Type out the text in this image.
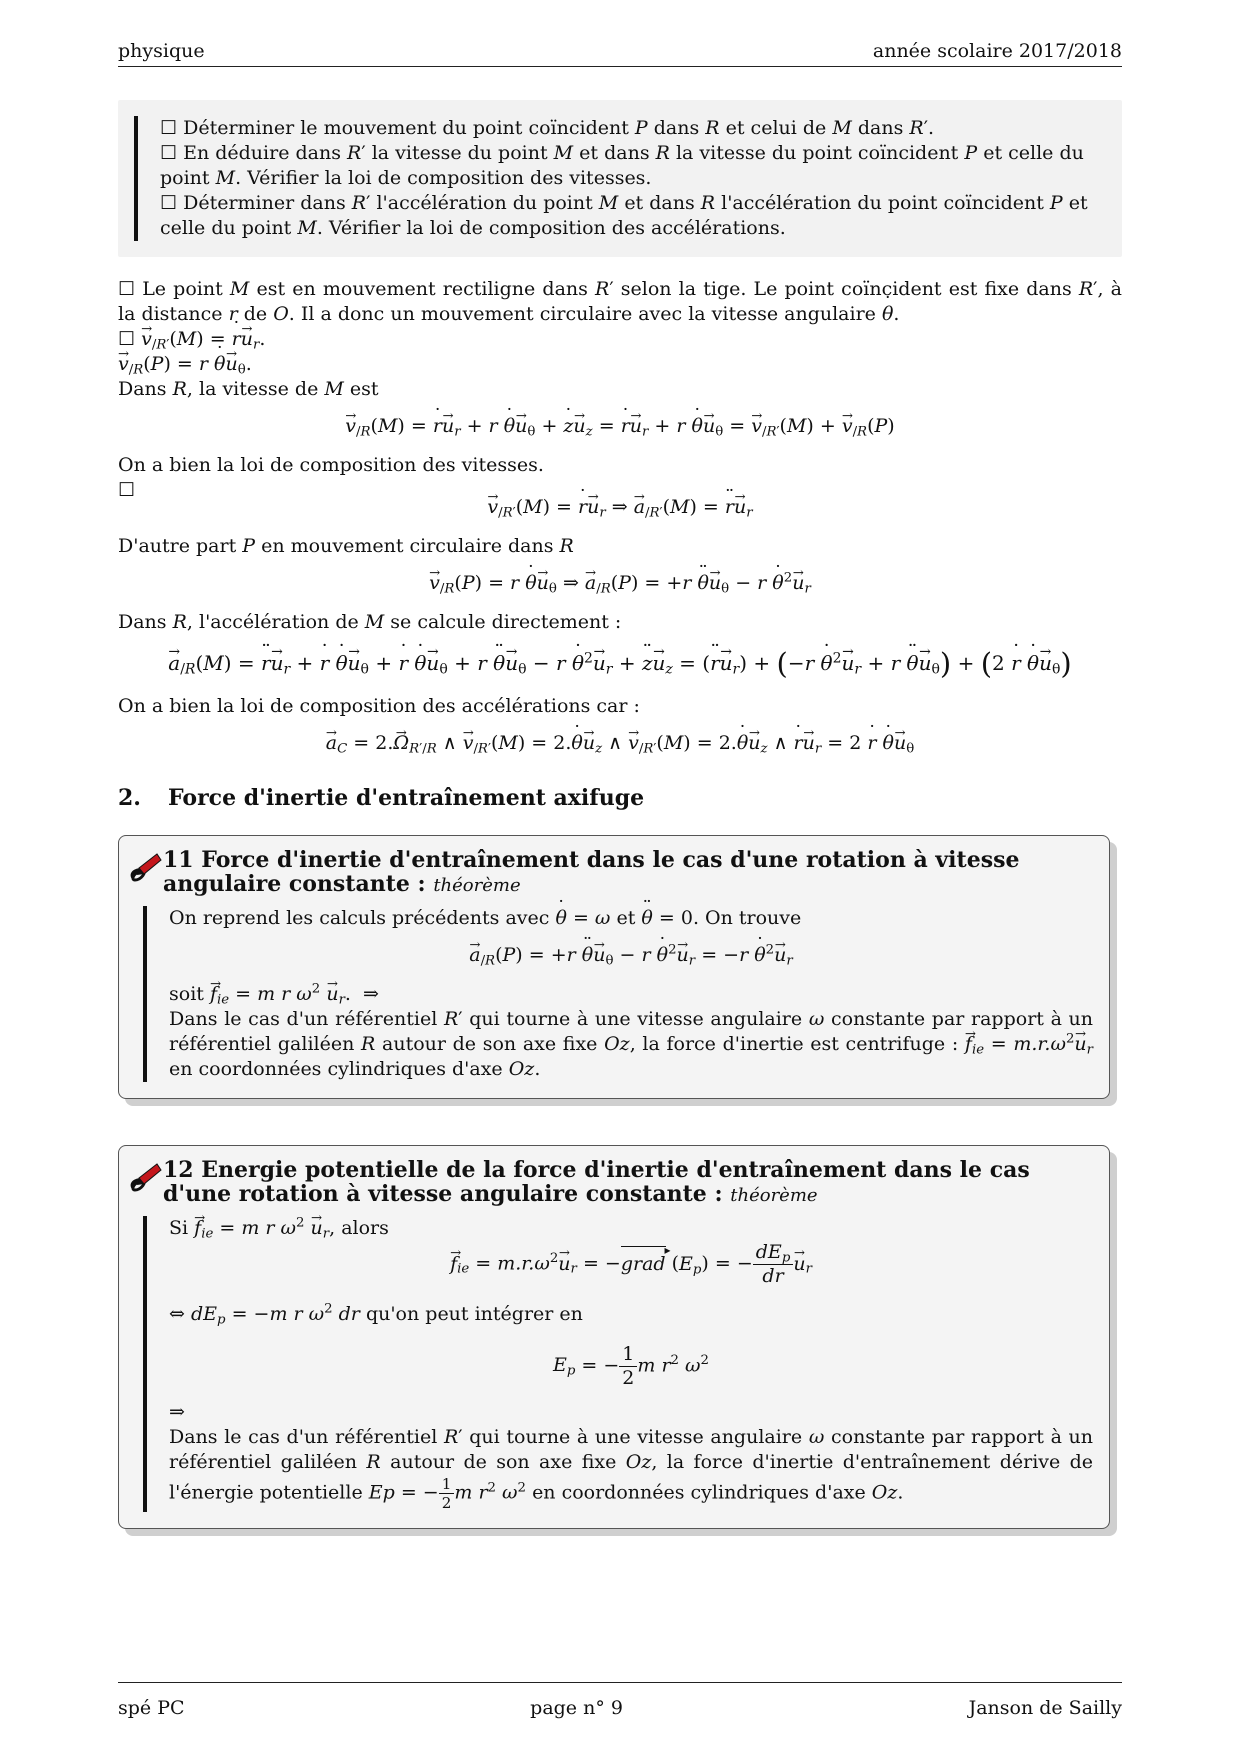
physique	année scolaire 2017/2018
☐ Déterminer le mouvement du point coïncident P dans R et celui de M dans R′.
☐ En déduire dans R′ la vitesse du point M et dans R la vitesse du point coïncident P et celle du point M. Vérifier la loi de composition des vitesses.
☐ Déterminer dans R′ l'accélération du point M et dans R l'accélération du point coïncident P et celle du point M. Vérifier la loi de composition des accélérations.
☐ Le point M est en mouvement rectiligne dans R′ selon la tige. Le point coïncident est fixe dans R′, à la distance r de O. Il a donc un mouvement circulaire avec la vitesse angulaire ˙ θ.
☐ → $v_{/R'}(M)$ = ˙ $r\to u_r$.
→ $v_{/R}(P) = r$ ˙ $\theta\to u_\theta$.
Dans R, la vitesse de M est
→ $v_{/R}(M)$ = ˙ $r\to u_r + r$ ˙ $\theta\to u_\theta$ + ˙ $z\to u_z$ = ˙ $r\to u_r + r$ ˙ $\theta\to u_\theta$ = → $v_{/R'}(M)$ + → $v_{/R}(P)$
On a bien la loi de composition des vitesses.
☐
→ $v_{/R'}(M)$ = ˙ $r\to u_r$ ⇒ → $a_{/R'}(M)$ = ¨ $r\to u_r$
D'autre part P en mouvement circulaire dans R
→ $v_{/R}(P) = r$ ˙ $\theta\to u_\theta$ ⇒ → $a_{/R}(P) = +r$ ¨ $\theta\to u_\theta - r$ ˙ $\theta^2\to u_r$
Dans R, l'accélération de M se calcule directement :
→ $a_{/R}(M)$ = ¨ $r\to u_r$ + ˙ r ˙ $\theta\to u_\theta$ + ˙ r ˙ $\theta\to u_\theta + r$ ¨ $\theta\to u_\theta - r$ ˙ $\theta^2\to u_r$ + ¨ $z\to u_z$ = (¨ $r\to u_r) + (-r$ ˙ $\theta^2\to u_r + r$ ¨ $\theta\to u_\theta) + (2$ ˙ r ˙ $\theta\to u_\theta$)
On a bien la loi de composition des accélérations car :
→ $a_C = 2.\to \Omega_{R'/R}$ ∧ → $v_{/R'}(M)$ = 2.˙ $\theta\to u_z$ ∧ → $v_{/R'}(M)$ = 2.˙ $\theta\to u_z$ ∧ ˙ $r\to u_r = 2$ ˙ r ˙ $\theta\to u_\theta$
2. Force d'inertie d'entraînement axifuge
11 Force d'inertie d'entraînement dans le cas d'une rotation à vitesse angulaire constante : théorème
On reprend les calculs précédents avec ˙ θ = ω et ¨ θ = 0. On trouve
→ $a_{/R}(P) = +r$ ¨ $\theta\to u_\theta - r$ ˙ $\theta^2\to u_r = -r$ ˙ $\theta^2\to u_r$
soit → $f_{ie} = m$ r $\omega^2 \to u_r$.  ⇒
Dans le cas d'un référentiel R′ qui tourne à une vitesse angulaire ω constante par rapport à un référentiel galiléen R autour de son axe fixe Oz, la force d'inertie est centrifuge : → $f_{ie} = m.r.\omega^2\to u_r$ en coordonnées cylindriques d'axe Oz.
12 Energie potentielle de la force d'inertie d'entraînement dans le cas d'une rotation à vitesse angulaire constante : théorème
$Si \to f_{ie} = m$ r $\omega^2 \to u_r$, alors
→ $f_{ie} = m.r.\omega^2\to u_r$ = −grad ▸ $(E_p)$ = − $\frac{dE_p}{dr}$
→ $u_r$
⇔ $dE_p = -m$ r $\omega^2$ dr qu'on peut intégrer en
$E_p$ = − $\frac{1}{2}$ m $r^2$ $\omega^2$
⇒
Dans le cas d'un référentiel R′ qui tourne à une vitesse angulaire ω constante par rapport à un référentiel galiléen R autour de son axe fixe Oz, la force d'inertie d'entraînement dérive de l'énergie potentielle Ep = − $\frac{1}{2}$ m $r^2$ $\omega^2$ en coordonnées cylindriques d'axe Oz.
spé PC	page n° 9	Janson de Sailly
